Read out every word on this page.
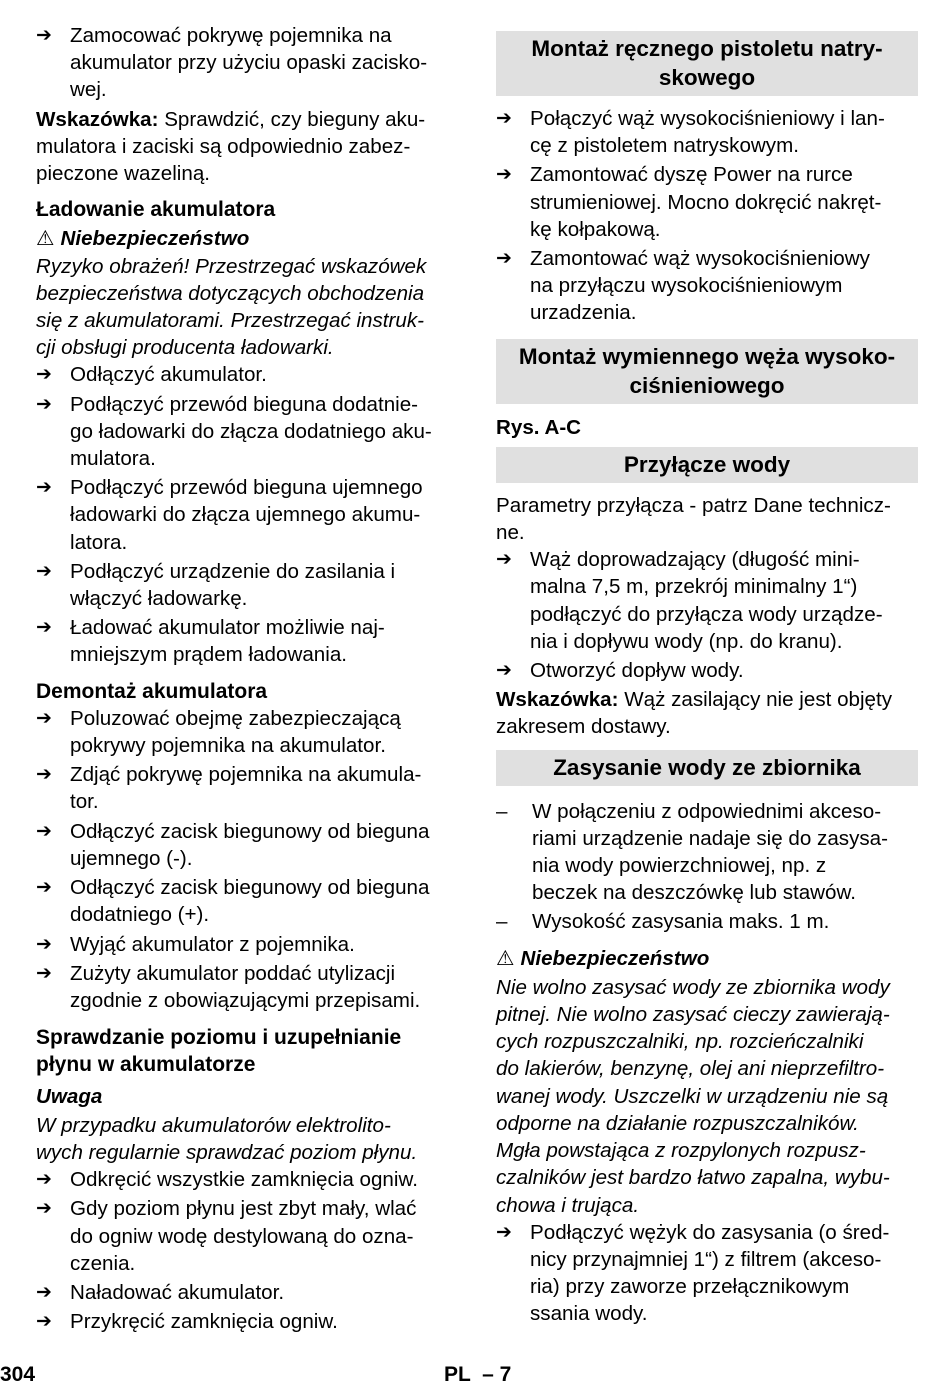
➔ Zamocować pokrywę pojemnika na
akumulator przy użyciu opaski zacisko-
wej.
Wskazówka: Sprawdzić, czy bieguny aku-
mulatora i zaciski są odpowiednio zabez-
pieczone wazeliną.
Ładowanie akumulatora
⚠ Niebezpieczeństwo
Ryzyko obrażeń! Przestrzegać wskazówek
bezpieczeństwa dotyczących obchodzenia
się z akumulatorami. Przestrzegać instruk-
cji obsługi producenta ładowarki.
➔ Odłączyć akumulator.
➔ Podłączyć przewód bieguna dodatnie-
go ładowarki do złącza dodatniego aku-
mulatora.
➔ Podłączyć przewód bieguna ujemnego
ładowarki do złącza ujemnego akumu-
latora.
➔ Podłączyć urządzenie do zasilania i
włączyć ładowarkę.
➔ Ładować akumulator możliwie naj-
mniejszym prądem ładowania.
Demontaż akumulatora
➔ Poluzować obejmę zabezpieczającą
pokrywy pojemnika na akumulator.
➔ Zdjąć pokrywę pojemnika na akumula-
tor.
➔ Odłączyć zacisk biegunowy od bieguna
ujemnego (-).
➔ Odłączyć zacisk biegunowy od bieguna
dodatniego (+).
➔ Wyjąć akumulator z pojemnika.
➔ Zużyty akumulator poddać utylizacji
zgodnie z obowiązującymi przepisami.
Sprawdzanie poziomu i uzupełnianie
płynu w akumulatorze
Uwaga
W przypadku akumulatorów elektrolito-
wych regularnie sprawdzać poziom płynu.
➔ Odkręcić wszystkie zamknięcia ogniw.
➔ Gdy poziom płynu jest zbyt mały, wlać
do ogniw wodę destylowaną do ozna-
czenia.
➔ Naładować akumulator.
➔ Przykręcić zamknięcia ogniw.
Montaż ręcznego pistoletu natry-
skowego
➔ Połączyć wąż wysokociśnieniowy i lan-
cę z pistoletem natryskowym.
➔ Zamontować dyszę Power na rurce
strumieniowej. Mocno dokręcić nakręt-
kę kołpakową.
➔ Zamontować wąż wysokociśnieniowy
na przyłączu wysokociśnieniowym
urzadzenia.
Montaż wymiennego węża wysoko-
ciśnieniowego
Rys. A-C
Przyłącze wody
Parametry przyłącza - patrz Dane technicz-
ne.
➔ Wąż doprowadzający (długość mini-
malna 7,5 m, przekrój minimalny 1“)
podłączyć do przyłącza wody urządze-
nia i dopływu wody (np. do kranu).
➔ Otworzyć dopływ wody.
Wskazówka: Wąż zasilający nie jest objęty
zakresem dostawy.
Zasysanie wody ze zbiornika
– W połączeniu z odpowiednimi akceso-
riami urządzenie nadaje się do zasysa-
nia wody powierzchniowej, np. z
beczek na deszczówkę lub stawów.
– Wysokość zasysania maks. 1 m.
⚠ Niebezpieczeństwo
Nie wolno zasysać wody ze zbiornika wody
pitnej. Nie wolno zasysać cieczy zawierają-
cych rozpuszczalniki, np. rozcieńczalniki
do lakierów, benzynę, olej ani nieprzefiltro-
wanej wody. Uszczelki w urządzeniu nie są
odporne na działanie rozpuszczalników.
Mgła powstająca z rozpylonych rozpusz-
czalników jest bardzo łatwo zapalna, wybu-
chowa i trująca.
➔ Podłączyć wężyk do zasysania (o śred-
nicy przynajmniej 1“) z filtrem (akceso-
ria) przy zaworze przełącznikowym
ssania wody.
304	PL  – 7
